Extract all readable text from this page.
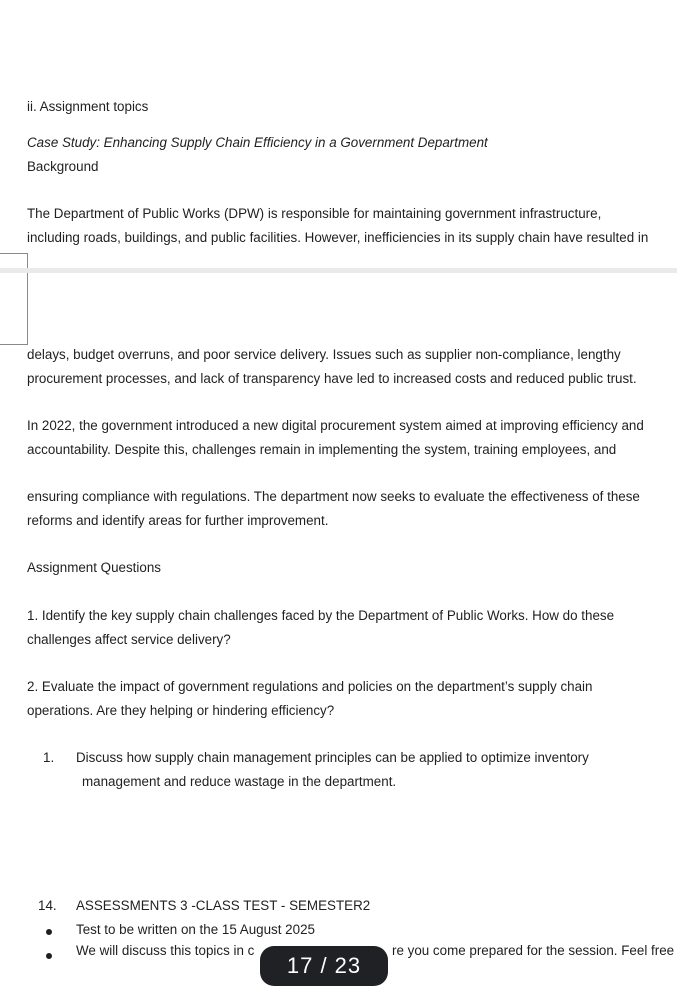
ii. Assignment topics
Case Study: Enhancing Supply Chain Efficiency in a Government Department
Background
The Department of Public Works (DPW) is responsible for maintaining government infrastructure,
including roads, buildings, and public facilities. However, inefficiencies in its supply chain have resulted in
delays, budget overruns, and poor service delivery. Issues such as supplier non-compliance, lengthy
procurement processes, and lack of transparency have led to increased costs and reduced public trust.
In 2022, the government introduced a new digital procurement system aimed at improving efficiency and
accountability. Despite this, challenges remain in implementing the system, training employees, and
ensuring compliance with regulations. The department now seeks to evaluate the effectiveness of these
reforms and identify areas for further improvement.
Assignment Questions
1. Identify the key supply chain challenges faced by the Department of Public Works. How do these
challenges affect service delivery?
2. Evaluate the impact of government regulations and policies on the department’s supply chain
operations. Are they helping or hindering efficiency?
1. Discuss how supply chain management principles can be applied to optimize inventory
management and reduce wastage in the department.
14. ASSESSMENTS 3 -CLASS TEST - SEMESTER2
Test to be written on the 15 August 2025
We will discuss this topics in c	re you come prepared for the session. Feel free
17 / 23
